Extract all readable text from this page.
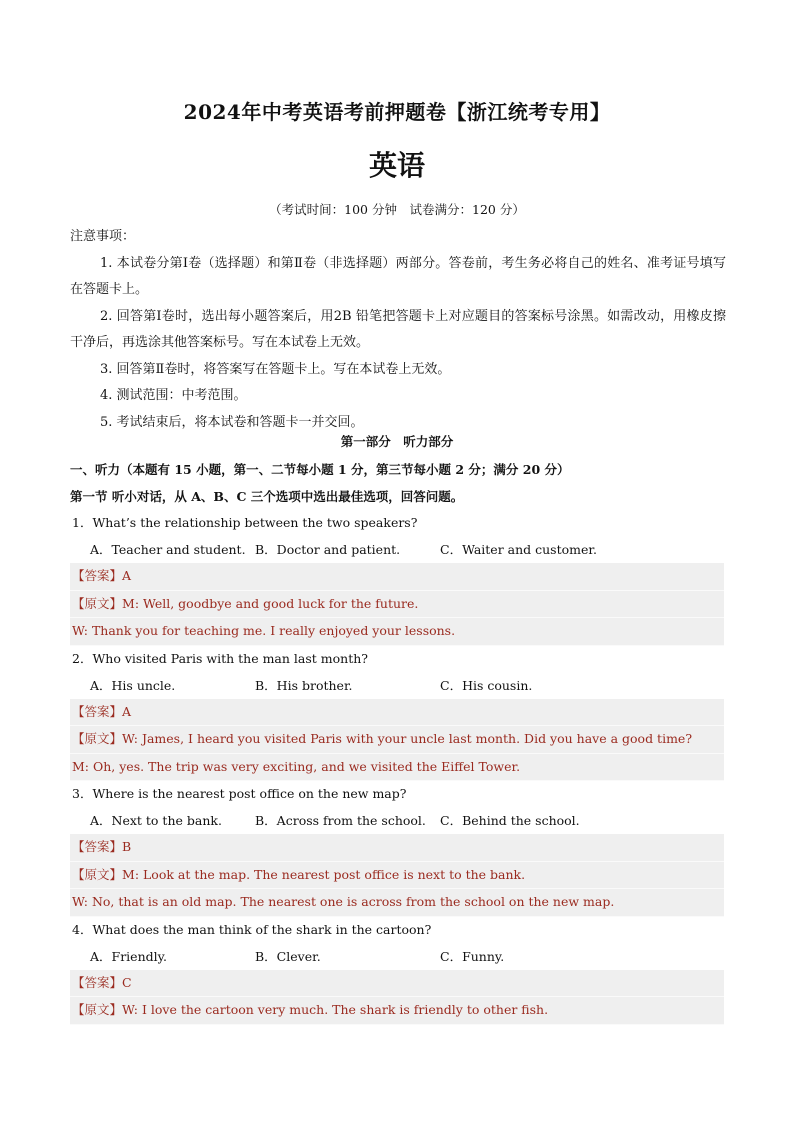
2024年中考英语考前押题卷【浙江统考专用】
英语
（考试时间：100 分钟　试卷满分：120 分）

注意事项：

1. 本试卷分第Ⅰ卷（选择题）和第Ⅱ卷（非选择题）两部分。答卷前，考生务必将自己的姓名、准考证号填写在答题卡上。

2. 回答第Ⅰ卷时，选出每小题答案后，用2B 铅笔把答题卡上对应题目的答案标号涂黑。如需改动，用橡皮擦干净后，再选涂其他答案标号。写在本试卷上无效。

3. 回答第Ⅱ卷时，将答案写在答题卡上。写在本试卷上无效。

4. 测试范围：中考范围。

5. 考试结束后，将本试卷和答题卡一并交回。

第一部分　听力部分
一、听力（本题有 15 小题，第一、二节每小题 1 分，第三节每小题 2 分；满分 20 分）
第一节 听小对话，从 A、B、C 三个选项中选出最佳选项，回答问题。
1．What’s the relationship between the two speakers?
A．Teacher and student. B．Doctor and patient.	C．Waiter and customer.
【答案】A
【原文】M: Well, goodbye and good luck for the future.
W: Thank you for teaching me. I really enjoyed your lessons.
2．Who visited Paris with the man last month?
A．His uncle.	B．His brother.	C．His cousin.
【答案】A
【原文】W: James, I heard you visited Paris with your uncle last month. Did you have a good time?
M: Oh, yes. The trip was very exciting, and we visited the Eiffel Tower.
3．Where is the nearest post office on the new map?
A．Next to the bank.	B．Across from the school. C．Behind the school.
【答案】B
【原文】M: Look at the map. The nearest post office is next to the bank.
W: No, that is an old map. The nearest one is across from the school on the new map.
4．What does the man think of the shark in the cartoon?
A．Friendly.	B．Clever.	C．Funny.
【答案】C
【原文】W: I love the cartoon very much. The shark is friendly to other fish.
